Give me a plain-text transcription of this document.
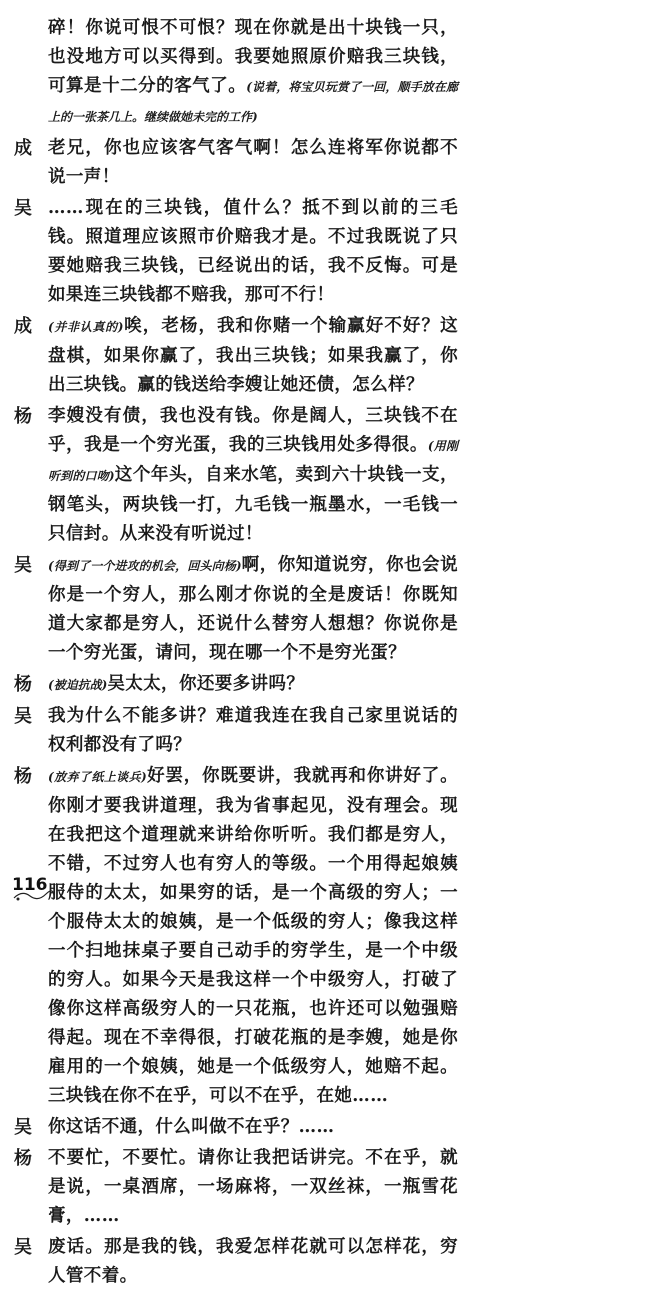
碎！你说可恨不可恨？现在你就是出十块钱一只，也没地方可以买得到。我要她照原价赔我三块钱，可算是十二分的客气了。(说着，将宝贝玩赏了一回，顺手放在廊上的一张茶几上。继续做她未完的工作)
成 老兄，你也应该客气客气啊！怎么连将军你说都不说一声！
吴 ……现在的三块钱，值什么？抵不到以前的三毛钱。照道理应该照市价赔我才是。不过我既说了只要她赔我三块钱，已经说出的话，我不反悔。可是如果连三块钱都不赔我，那可不行！
成	(并非认真的)唉，老杨，我和你赌一个输赢好不好？这盘棋，如果你赢了，我出三块钱；如果我赢了，你出三块钱。赢的钱送给李嫂让她还债，怎么样？
杨 李嫂没有债，我也没有钱。你是阔人，三块钱不在乎，我是一个穷光蛋，我的三块钱用处多得很。(用刚听到的口吻)这个年头，自来水笔，卖到六十块钱一支，钢笔头，两块钱一打，九毛钱一瓶墨水，一毛钱一只信封。从来没有听说过！
吴	(得到了一个进攻的机会，回头向杨)啊，你知道说穷，你也会说你是一个穷人，那么刚才你说的全是废话！你既知道大家都是穷人，还说什么替穷人想想？你说你是一个穷光蛋，请问，现在哪一个不是穷光蛋？
杨	(被迫抗战)吴太太，你还要多讲吗？
吴 我为什么不能多讲？难道我连在我自己家里说话的权利都没有了吗？
杨	(放弃了纸上谈兵)好罢，你既要讲，我就再和你讲好了。你刚才要我讲道理，我为省事起见，没有理会。现在我把这个道理就来讲给你听听。我们都是穷人，不错，不过穷人也有穷人的等级。一个用得起娘姨服侍的太太，如果穷的话，是一个高级的穷人；一个服侍太太的娘姨，是一个低级的穷人；像我这样一个扫地抹桌子要自己动手的穷学生，是一个中级的穷人。如果今天是我这样一个中级穷人，打破了像你这样高级穷人的一只花瓶，也许还可以勉强赔得起。现在不幸得很，打破花瓶的是李嫂，她是你雇用的一个娘姨，她是一个低级穷人，她赔不起。三块钱在你不在乎，可以不在乎，在她……
吴 你这话不通，什么叫做不在乎？……
杨 不要忙，不要忙。请你让我把话讲完。不在乎，就是说，一桌酒席，一场麻将，一双丝袜，一瓶雪花膏，……
吴 废话。那是我的钱，我爱怎样花就可以怎样花，穷人管不着。
116
